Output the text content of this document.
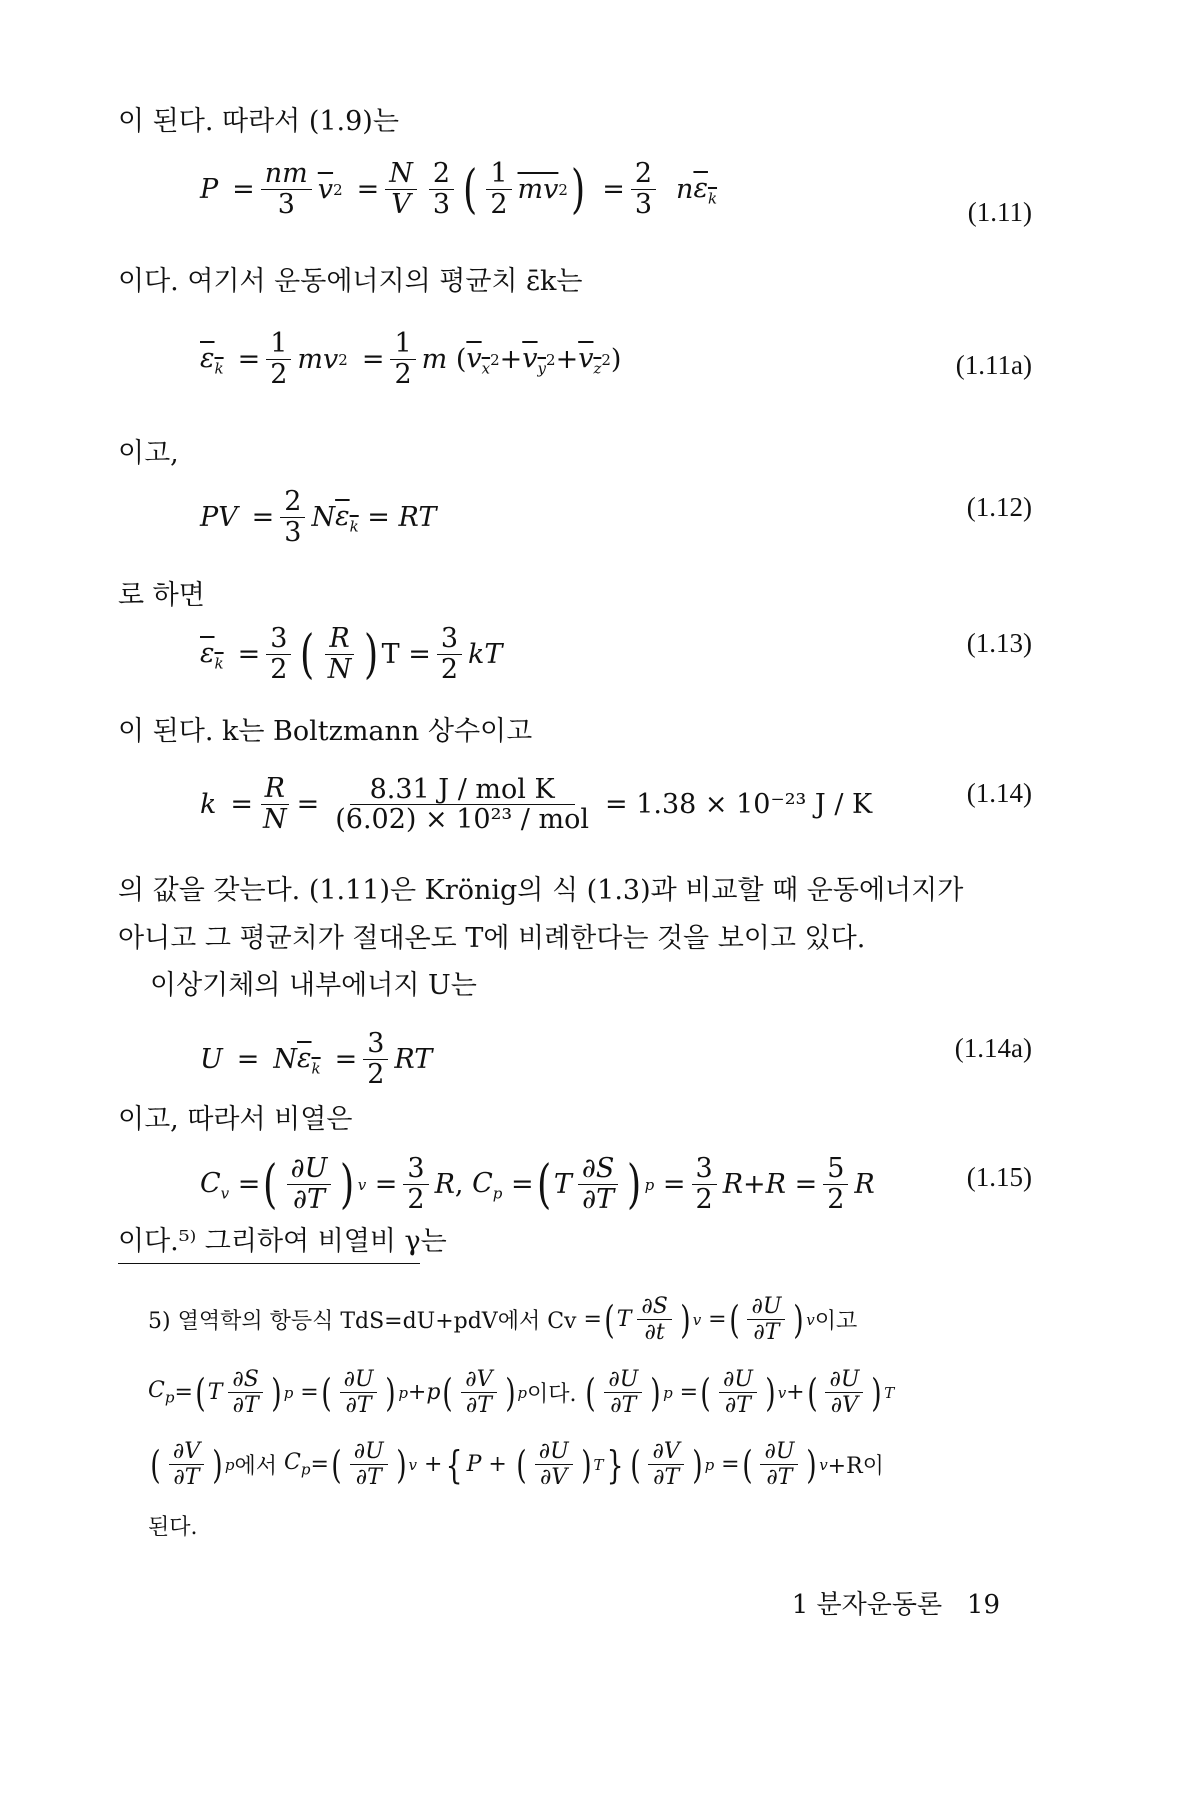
이 된다. 따라서 (1.9)는
$P = \frac{nm}{3} \overline{v}$ $2 = \frac{N}{V} \frac{2}{3}$ ( $\frac{1}{2} \overline{mv}$ 2 ) = $\frac{2}{3}$ n $\varepsilon_k$	(1.11)
이다. 여기서 운동에너지의 평균치 ε̄k는
$\varepsilon_k = \frac{1}{2}$ mv $2 = \frac{1}{2}$ m ( $v_x$ $2 + v_y$ $2 + v_z$ 2 )	(1.11a)
이고,
PV = $\frac{2}{3}$ N $\varepsilon_k$ = RT	(1.12)
로 하면
$\varepsilon_k = \frac{3}{2}$ ( $\frac{R}{N}$ ) $T = \frac{3}{2}$ kT	(1.13)
이 된다. k는 Boltzmann 상수이고
$k = \frac{R}{N} = \frac{\text{8.31 J / mol K}}{\text{(6.02) × 10²³ / mol}} = 1.38 \times 10^{-23}$ J / K	(1.14)
의 값을 갖는다. (1.11)은 Krönig의 식 (1.3)과 비교할 때 운동에너지가
아니고 그 평균치가 절대온도 T에 비례한다는 것을 보이고 있다.
이상기체의 내부에너지 U는
U = N $\varepsilon_k = \frac{3}{2}$ RT	(1.14a)
이고, 따라서 비열은
$C_v$ = ( $\frac{\partial U}{\partial T}$ ) $v = \frac{3}{2}$ R , $C_p$ = ( T $\frac{\partial S}{\partial T}$ ) $p = \frac{3}{2}$ $R + R = \frac{5}{2}$ R	(1.15)
이다.⁵⁾ 그리하여 비열비 γ는
5) 열역학의 항등식 TdS=dU+pdV에서 Cv = ( T $\frac{\partial S}{\partial t}$ ) v = ( $\frac{\partial U}{\partial T}$ ) v 이고
$C_p$ = ( T $\frac{\partial S}{\partial T}$ ) p = ( $\frac{\partial U}{\partial T}$ ) p + p ( $\frac{\partial V}{\partial T}$ ) p 이다.
( $\frac{\partial U}{\partial T}$ ) p = ( $\frac{\partial U}{\partial T}$ ) v + ( $\frac{\partial U}{\partial V}$ ) T
( $\frac{\partial V}{\partial T}$ ) p 에서
$C_p$ = ( $\frac{\partial U}{\partial T}$ ) v + { P + ( $\frac{\partial U}{\partial V}$ ) T } ( $\frac{\partial V}{\partial T}$ ) p = ( $\frac{\partial U}{\partial T}$ ) v +R이
된다.
1 분자운동론 19
